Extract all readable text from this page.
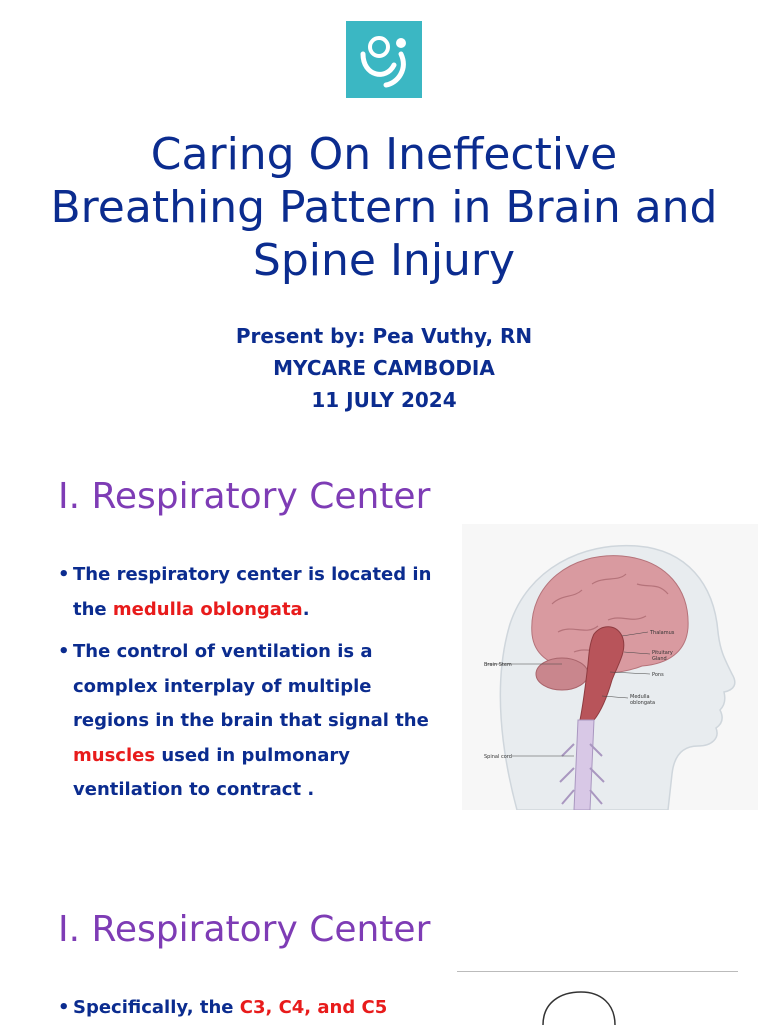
Caring On Ineffective Breathing Pattern in Brain and Spine Injury
Present by: Pea Vuthy, RN
MYCARE CAMBODIA
11 JULY 2024
I. Respiratory Center
• The respiratory center is located in the medulla oblongata.
• The control of ventilation is a complex interplay of multiple regions in the brain that signal the muscles used in pulmonary ventilation to contract .
Thalamus
Pituitary
Gland
Pons
Medulla
oblongata
Brain Stem
Spinal cord
I. Respiratory Center
• Specifically, the C3, C4, and C5
